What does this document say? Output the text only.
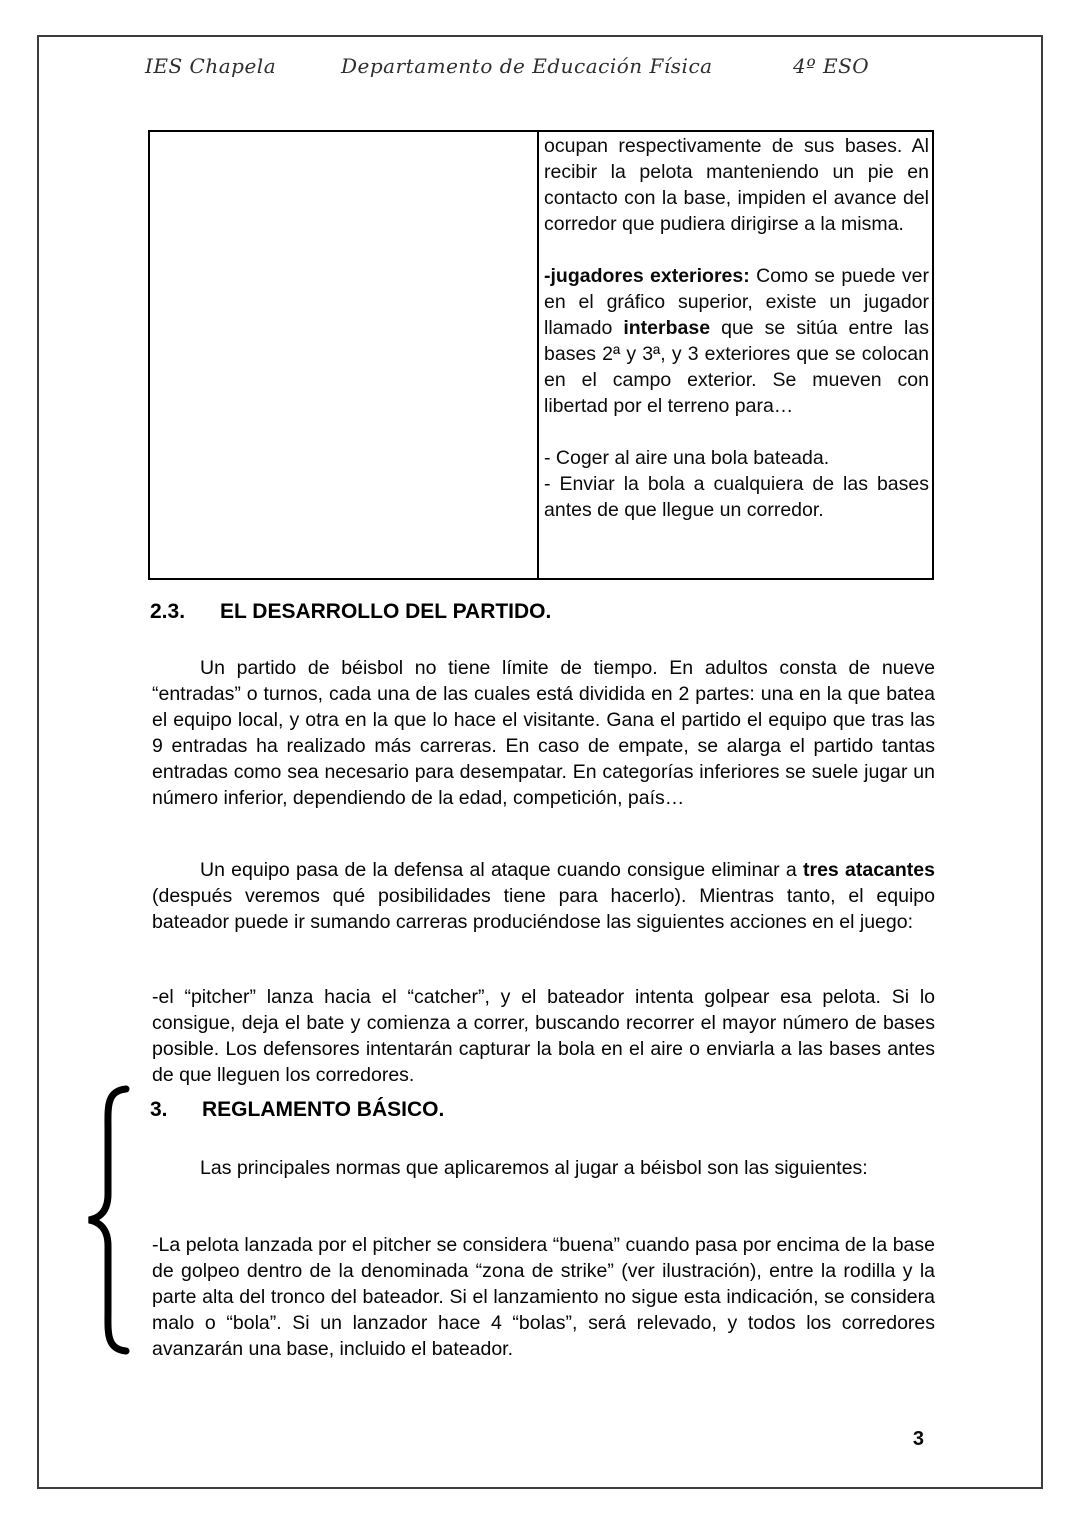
IES Chapela	Departamento de Educación Física	4º ESO

ocupan respectivamente de sus bases. Al recibir la pelota manteniendo un pie en contacto con la base, impiden el avance del corredor que pudiera dirigirse a la misma.

-jugadores exteriores: Como se puede ver en el gráfico superior, existe un jugador llamado interbase que se sitúa entre las bases 2ª y 3ª, y 3 exteriores que se colocan en el campo exterior. Se mueven con libertad por el terreno para…

- Coger al aire una bola bateada.

- Enviar la bola a cualquiera de las bases antes de que llegue un corredor.

2.3. EL DESARROLLO DEL PARTIDO.

Un partido de béisbol no tiene límite de tiempo. En adultos consta de nueve “entradas” o turnos, cada una de las cuales está dividida en 2 partes: una en la que batea el equipo local, y otra en la que lo hace el visitante. Gana el partido el equipo que tras las 9 entradas ha realizado más carreras. En caso de empate, se alarga el partido tantas entradas como sea necesario para desempatar. En categorías inferiores se suele jugar un número inferior, dependiendo de la edad, competición, país…

Un equipo pasa de la defensa al ataque cuando consigue eliminar a tres atacantes (después veremos qué posibilidades tiene para hacerlo). Mientras tanto, el equipo bateador puede ir sumando carreras produciéndose las siguientes acciones en el juego:

-el “pitcher” lanza hacia el “catcher”, y el bateador intenta golpear esa pelota. Si lo consigue, deja el bate y comienza a correr, buscando recorrer el mayor número de bases posible. Los defensores intentarán capturar la bola en el aire o enviarla a las bases antes de que lleguen los corredores.

3. REGLAMENTO BÁSICO.

Las principales normas que aplicaremos al jugar a béisbol son las siguientes:

-La pelota lanzada por el pitcher se considera “buena” cuando pasa por encima de la base de golpeo dentro de la denominada “zona de strike” (ver ilustración), entre la rodilla y la parte alta del tronco del bateador. Si el lanzamiento no sigue esta indicación, se considera malo o “bola”. Si un lanzador hace 4 “bolas”, será relevado, y todos los corredores avanzarán una base, incluido el bateador.

3
